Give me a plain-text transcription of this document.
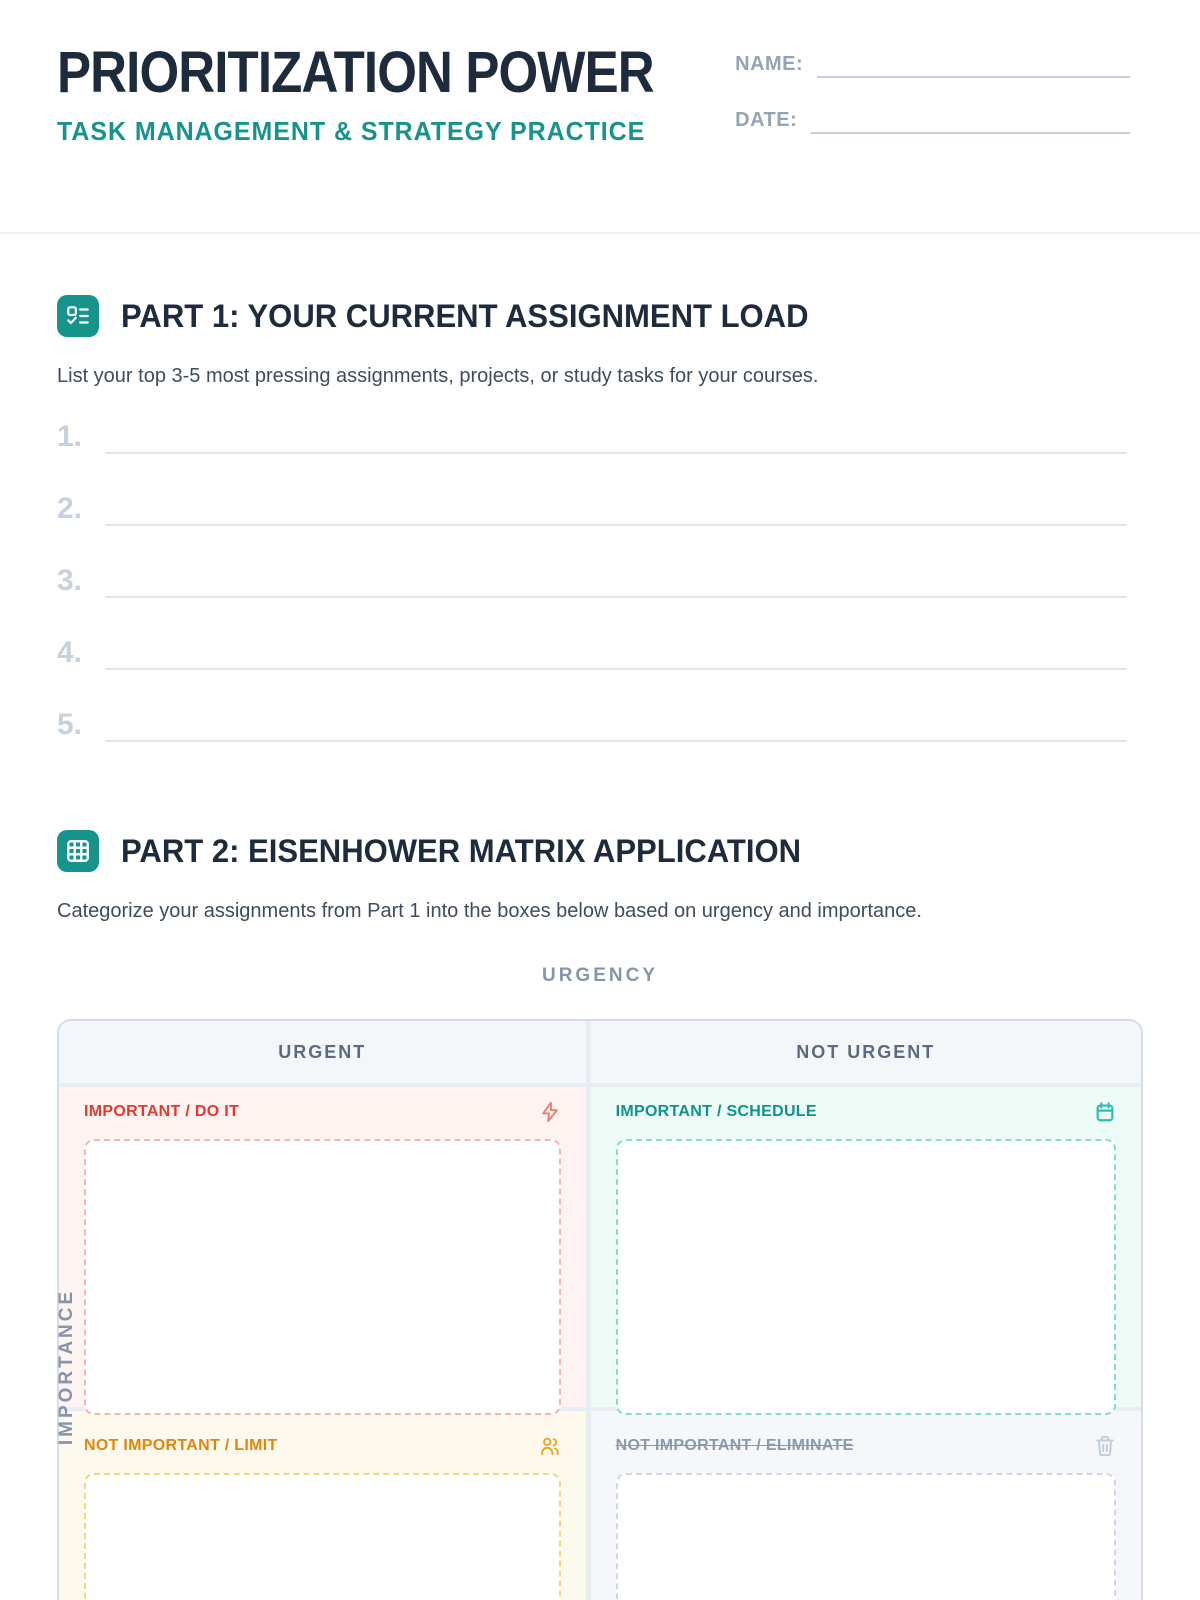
PRIORITIZATION POWER
TASK MANAGEMENT & STRATEGY PRACTICE
NAME:
DATE:
PART 1: YOUR CURRENT ASSIGNMENT LOAD
List your top 3-5 most pressing assignments, projects, or study tasks for your courses.
1.
2.
3.
4.
5.
PART 2: EISENHOWER MATRIX APPLICATION
Categorize your assignments from Part 1 into the boxes below based on urgency and importance.
URGENCY
IMPORTANCE
URGENT	NOT URGENT
IMPORTANT / DO IT	IMPORTANT / SCHEDULE
NOT IMPORTANT / LIMIT	NOT IMPORTANT / ELIMINATE
